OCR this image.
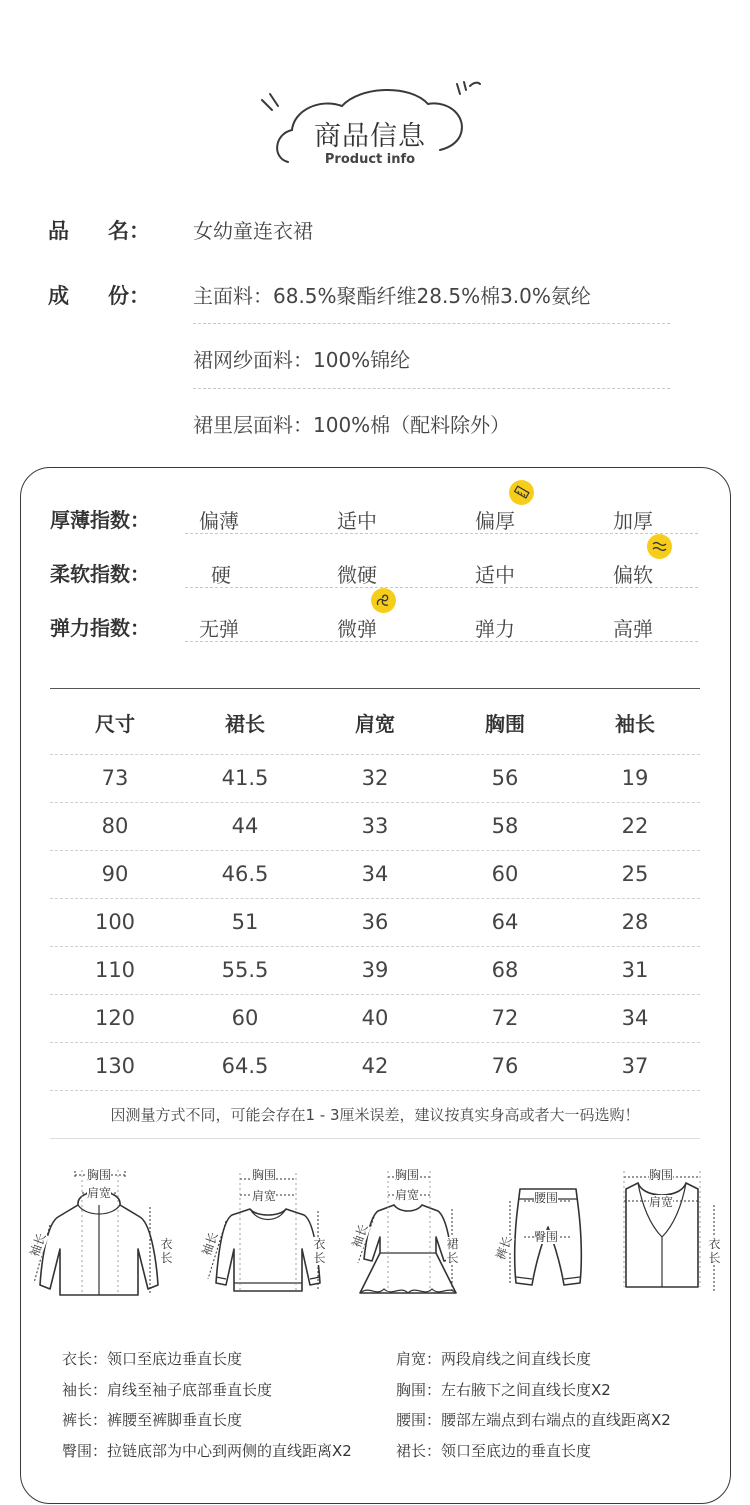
商品信息
Product info
品 名： 女幼童连衣裙
成 份： 主面料：68.5%聚酯纤维28.5%棉3.0%氨纶
裙网纱面料：100%锦纶
裙里层面料：100%棉（配料除外）
厚薄指数： 偏薄	适中	偏厚	加厚
柔软指数：	硬	微硬	适中	偏软
弹力指数： 无弹	微弹	弹力	高弹
尺寸	裙长	肩宽	胸围	袖长
73	41.5	32	56	19
80	44	33	58	22
90	46.5	34	60	25
100	51	36	64	28
110	55.5	39	68	31
120	60	40	72	34
130	64.5	42	76	37
因测量方式不同，可能会存在1 - 3厘米误差，建议按真实身高或者大一码选购！
胸围
肩宽
袖长	衣
长
胸围
肩宽
袖长	衣
长
胸围
肩宽
袖长	裙
长
腰围
臀围
裤长
胸围
肩宽
衣
长
衣长：领口至底边垂直长度
袖长：肩线至袖子底部垂直长度
裤长：裤腰至裤脚垂直长度
臀围：拉链底部为中心到两侧的直线距离X2
肩宽：两段肩线之间直线长度
胸围：左右腋下之间直线长度X2
腰围：腰部左端点到右端点的直线距离X2
裙长：领口至底边的垂直长度
